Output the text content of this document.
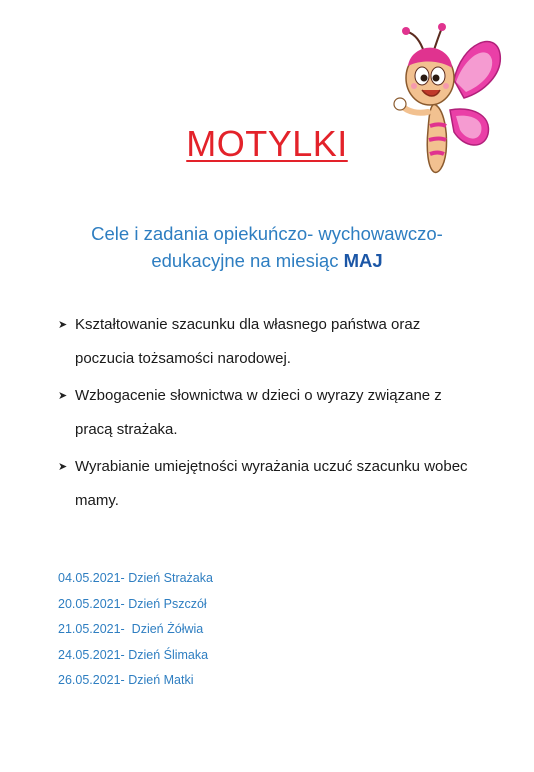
MOTYLKI
Cele i zadania opiekuńczo- wychowawczo-
edukacyjne na miesiąc MAJ
➤ Kształtowanie szacunku dla własnego państwa oraz
poczucia tożsamości narodowej.
➤ Wzbogacenie słownictwa w dzieci o wyrazy związane z
pracą strażaka.
➤ Wyrabianie umiejętności wyrażania uczuć szacunku wobec
mamy.
04.05.2021- Dzień Strażaka
20.05.2021- Dzień Pszczół
21.05.2021-  Dzień Żółwia
24.05.2021- Dzień Ślimaka
26.05.2021- Dzień Matki
